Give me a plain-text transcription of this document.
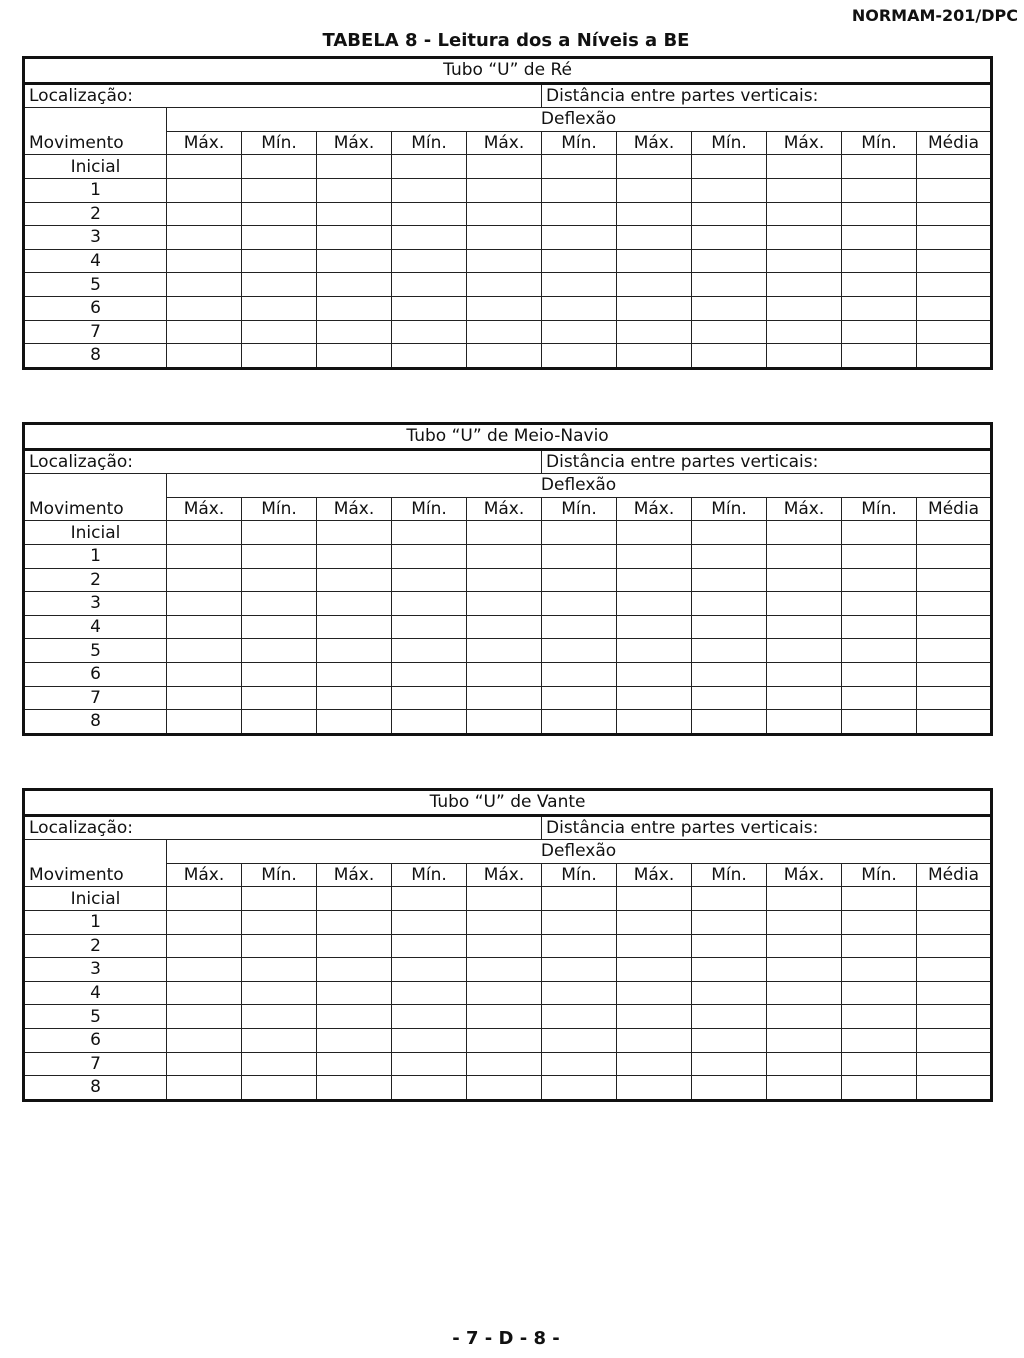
NORMAM-201/DPC
TABELA 8 - Leitura dos a Níveis a BE
Tubo “U” de Ré											
Localização:						Distância entre partes verticais:					
	Deflexão										
Movimento	Máx.	Mín.	Máx.	Mín.	Máx.	Mín.	Máx.	Mín.	Máx.	Mín.	Média
Inicial											
1											
2											
3											
4											
5											
6											
7											
8											
Tubo “U” de Meio-Navio											
Localização:						Distância entre partes verticais:					
	Deflexão										
Movimento	Máx.	Mín.	Máx.	Mín.	Máx.	Mín.	Máx.	Mín.	Máx.	Mín.	Média
Inicial											
1											
2											
3											
4											
5											
6											
7											
8											
Tubo “U” de Vante											
Localização:						Distância entre partes verticais:					
	Deflexão										
Movimento	Máx.	Mín.	Máx.	Mín.	Máx.	Mín.	Máx.	Mín.	Máx.	Mín.	Média
Inicial											
1											
2											
3											
4											
5											
6											
7											
8											
- 7 - D - 8 -
